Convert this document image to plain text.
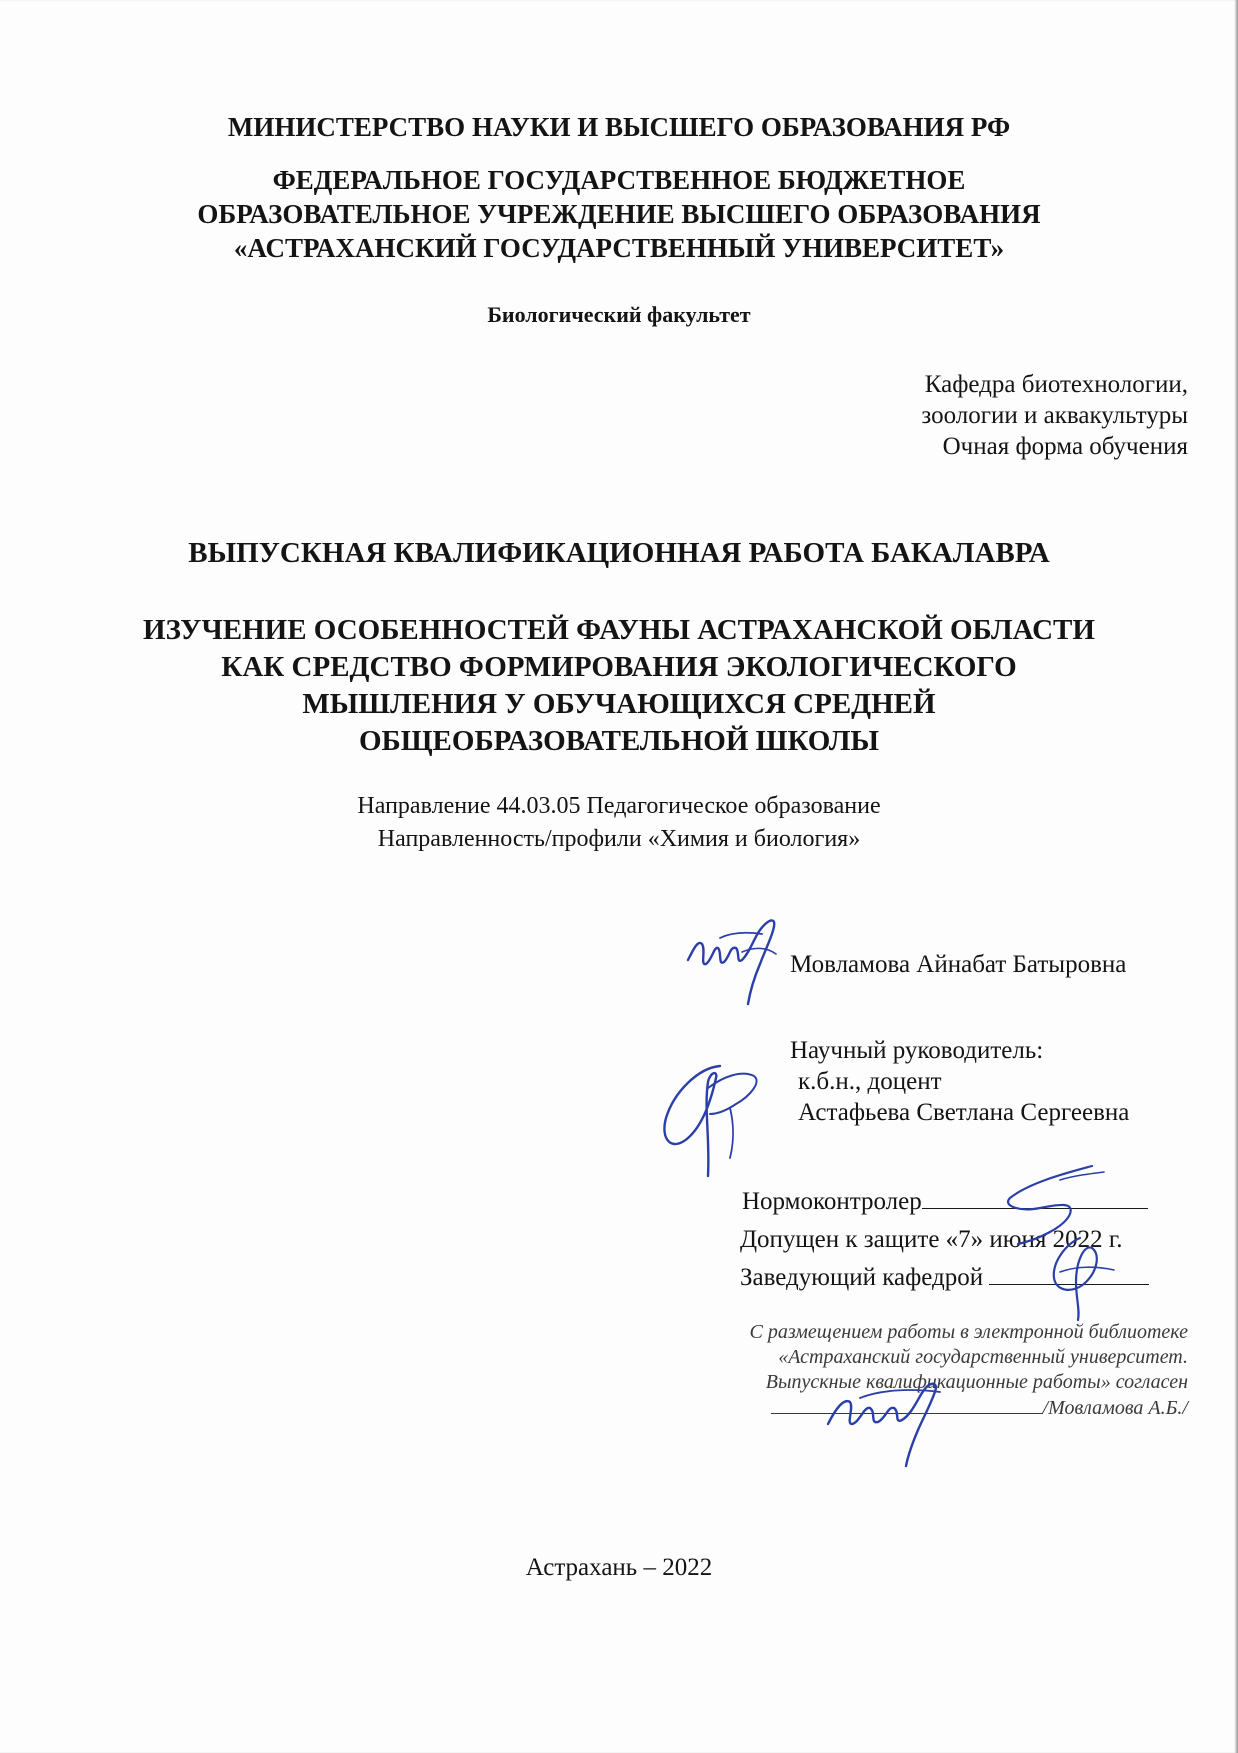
МИНИСТЕРСТВО НАУКИ И ВЫСШЕГО ОБРАЗОВАНИЯ РФ
ФЕДЕРАЛЬНОЕ ГОСУДАРСТВЕННОЕ БЮДЖЕТНОЕ
ОБРАЗОВАТЕЛЬНОЕ УЧРЕЖДЕНИЕ ВЫСШЕГО ОБРАЗОВАНИЯ
«АСТРАХАНСКИЙ ГОСУДАРСТВЕННЫЙ УНИВЕРСИТЕТ»
Биологический факультет
Кафедра биотехнологии,
зоологии и аквакультуры
Очная форма обучения
ВЫПУСКНАЯ КВАЛИФИКАЦИОННАЯ РАБОТА БАКАЛАВРА
ИЗУЧЕНИЕ ОСОБЕННОСТЕЙ ФАУНЫ АСТРАХАНСКОЙ ОБЛАСТИ
КАК СРЕДСТВО ФОРМИРОВАНИЯ ЭКОЛОГИЧЕСКОГО
МЫШЛЕНИЯ У ОБУЧАЮЩИХСЯ СРЕДНЕЙ
ОБЩЕОБРАЗОВАТЕЛЬНОЙ ШКОЛЫ
Направление 44.03.05 Педагогическое образование
Направленность/профили «Химия и биология»
Мовламова Айнабат Батыровна
Научный руководитель:
к.б.н., доцент
Астафьева Светлана Сергеевна
Нормоконтролер
Допущен к защите «7» июня 2022 г.
Заведующий кафедрой
С размещением работы в электронной библиотеке
«Астраханский государственный университет.
Выпускные квалификационные работы» согласен
/Мовламова А.Б./
Астрахань – 2022
